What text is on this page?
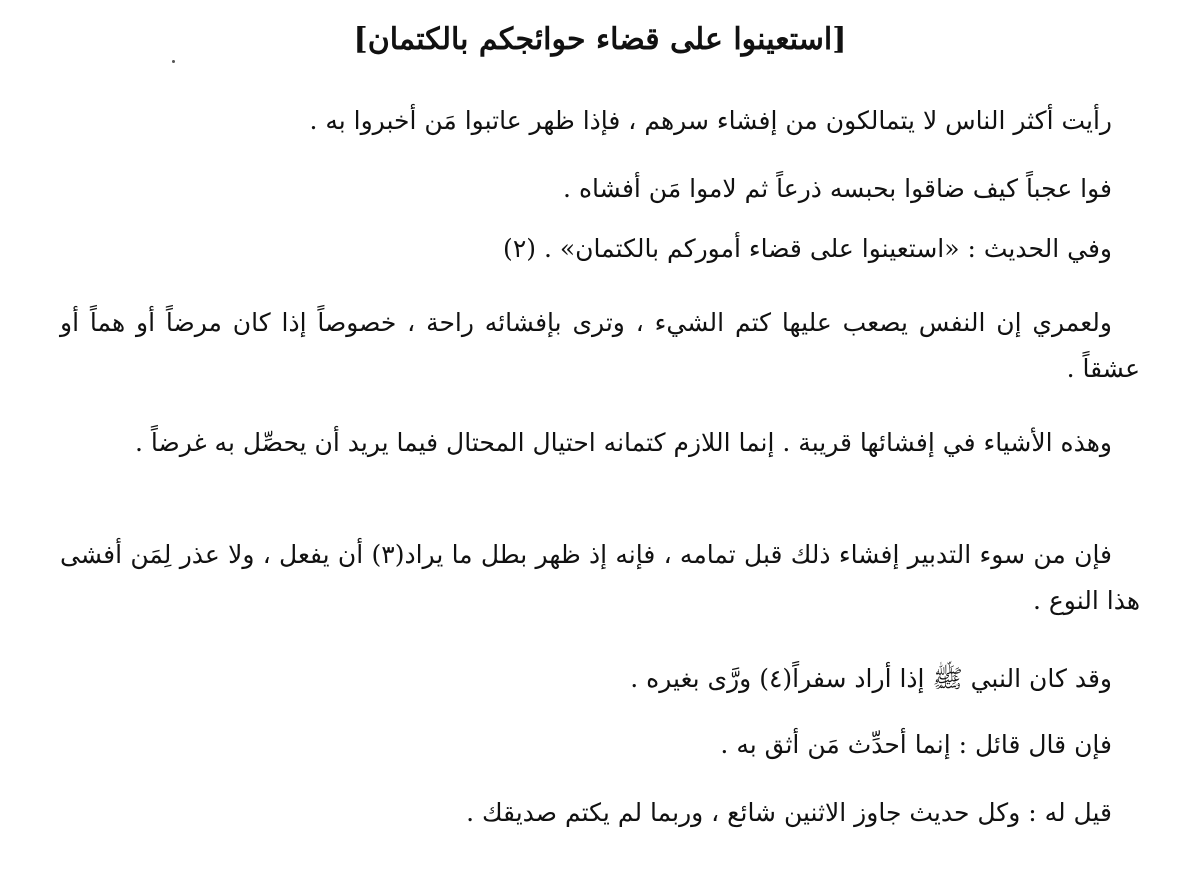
[استعينوا على قضاء حوائجكم بالكتمان]

رأيت أكثر الناس لا يتمالكون من إفشاء سرهم ، فإذا ظهر عاتبوا مَن أخبروا به .

فوا عجباً كيف ضاقوا بحبسه ذرعاً ثم لاموا مَن أفشاه .

وفي الحديث : «استعينوا على قضاء أموركم بالكتمان» . (٢)

ولعمري إن النفس يصعب عليها كتم الشيء ، وترى بإفشائه راحة ، خصوصاً إذا كان مرضاً أو هماً أو عشقاً .

وهذه الأشياء في إفشائها قريبة . إنما اللازم كتمانه احتيال المحتال فيما يريد أن يحصِّل به غرضاً .

فإن من سوء التدبير إفشاء ذلك قبل تمامه ، فإنه إذ ظهر بطل ما يراد(٣) أن يفعل ، ولا عذر لِمَن أفشى هذا النوع .

وقد كان النبي ﷺ إذا أراد سفراً(٤) ورَّى بغيره .

فإن قال قائل : إنما أحدِّث مَن أثق به .

قيل له : وكل حديث جاوز الاثنين شائع ، وربما لم يكتم صديقك .
